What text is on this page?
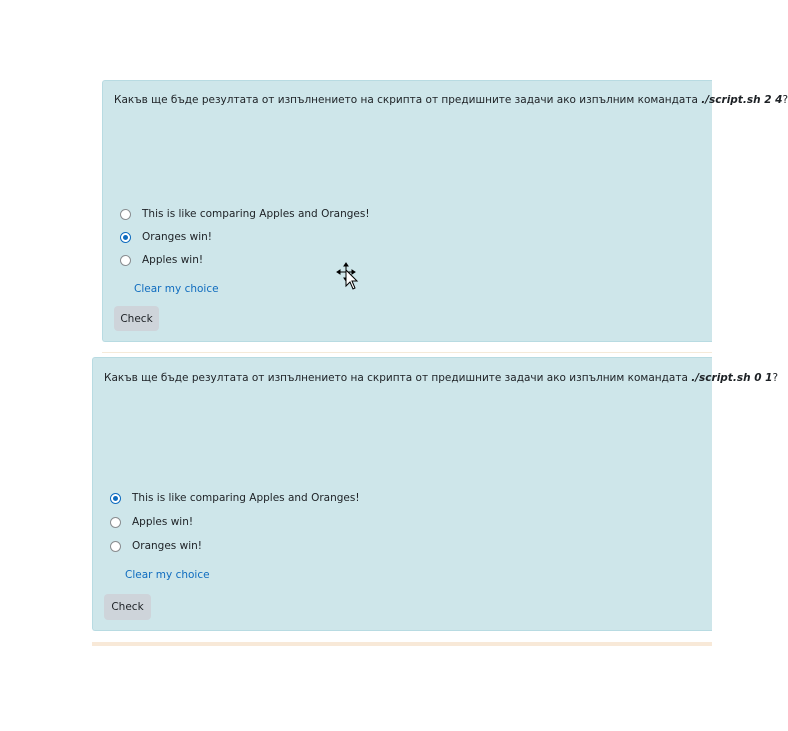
Какъв ще бъде резултата от изпълнението на скрипта от предишните задачи ако изпълним командата ./script.sh 2 4?
This is like comparing Apples and Oranges!
Oranges win!
Apples win!
Clear my choice
Check
Какъв ще бъде резултата от изпълнението на скрипта от предишните задачи ако изпълним командата ./script.sh 0 1?
This is like comparing Apples and Oranges!
Apples win!
Oranges win!
Clear my choice
Check
